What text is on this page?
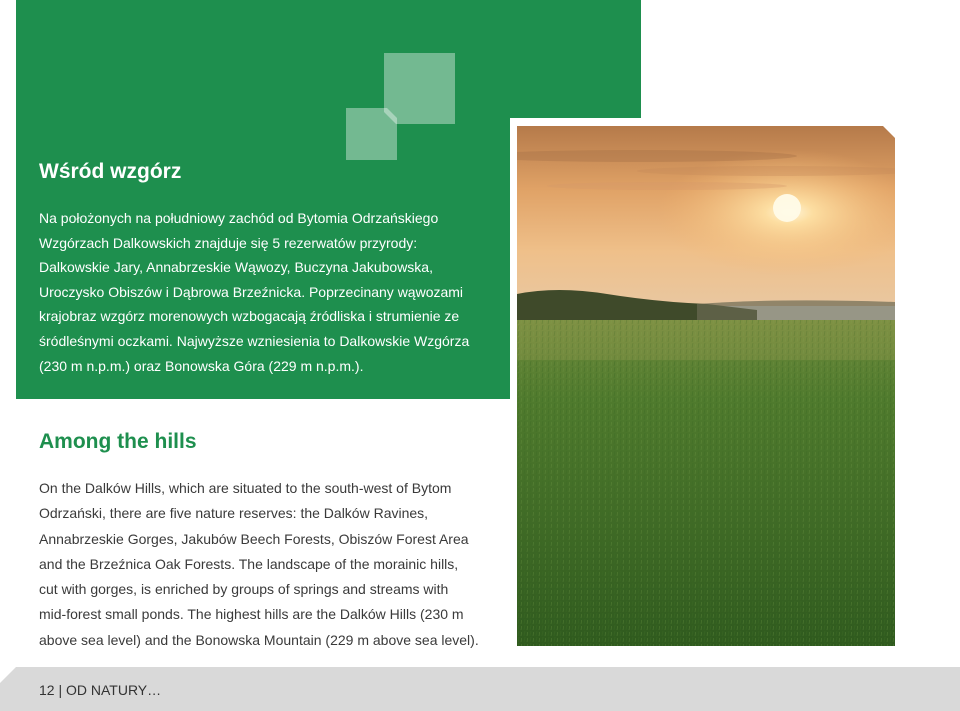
Wśród wzgórz

Na położonych na południowy zachód od Bytomia Odrzańskiego
Wzgórzach Dalkowskich znajduje się 5 rezerwatów przyrody:
Dalkowskie Jary, Annabrzeskie Wąwozy, Buczyna Jakubowska,
Uroczysko Obiszów i Dąbrowa Brzeźnicka. Poprzecinany wąwozami
krajobraz wzgórz morenowych wzbogacają źródliska i strumienie ze
śródleśnymi oczkami. Najwyższe wzniesienia to Dalkowskie Wzgórza
(230 m n.p.m.) oraz Bonowska Góra (229 m n.p.m.).

Among the hills

On the Dalków Hills, which are situated to the south-west of Bytom
Odrzański, there are five nature reserves: the Dalków Ravines,
Annabrzeskie Gorges, Jakubów Beech Forests, Obiszów Forest Area
and the Brzeźnica Oak Forests. The landscape of the morainic hills,
cut with gorges, is enriched by groups of springs and streams with
mid-forest small ponds. The highest hills are the Dalków Hills (230 m
above sea level) and the Bonowska Mountain (229 m above sea level).

12 | OD NATURY…
